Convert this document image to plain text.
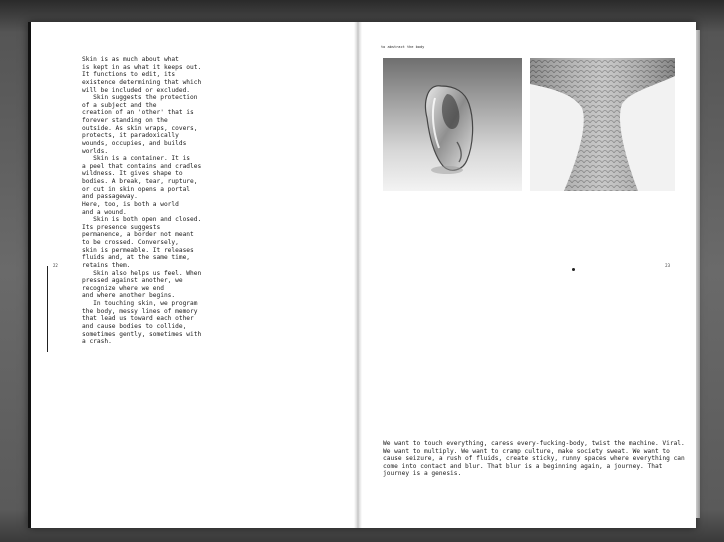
22

Skin is as much about what
is kept in as what it keeps out.
It functions to edit, its
existence determining that which
will be included or excluded.
Skin suggests the protection
of a subject and the
creation of an 'other' that is
forever standing on the
outside. As skin wraps, covers,
protects, it paradoxically
wounds, occupies, and builds
worlds.
Skin is a container. It is
a peel that contains and cradles
wildness. It gives shape to
bodies. A break, tear, rupture,
or cut in skin opens a portal
and passageway.
Here, too, is both a world
and a wound.
Skin is both open and closed.
Its presence suggests
permanence, a border not meant
to be crossed. Conversely,
skin is permeable. It releases
fluids and, at the same time,
retains them.
Skin also helps us feel. When
pressed against another, we
recognize where we end
and where another begins.
In touching skin, we program
the body, messy lines of memory
that lead us toward each other
and cause bodies to collide,
sometimes gently, sometimes with
a crash.

to abstract the body
23

We want to touch everything, caress every-fucking-body, twist the machine. Viral.
We want to multiply. We want to cramp culture, make society sweat. We want to
cause seizure, a rush of fluids, create sticky, runny spaces where everything can
come into contact and blur. That blur is a beginning again, a journey. That
journey is a genesis.
